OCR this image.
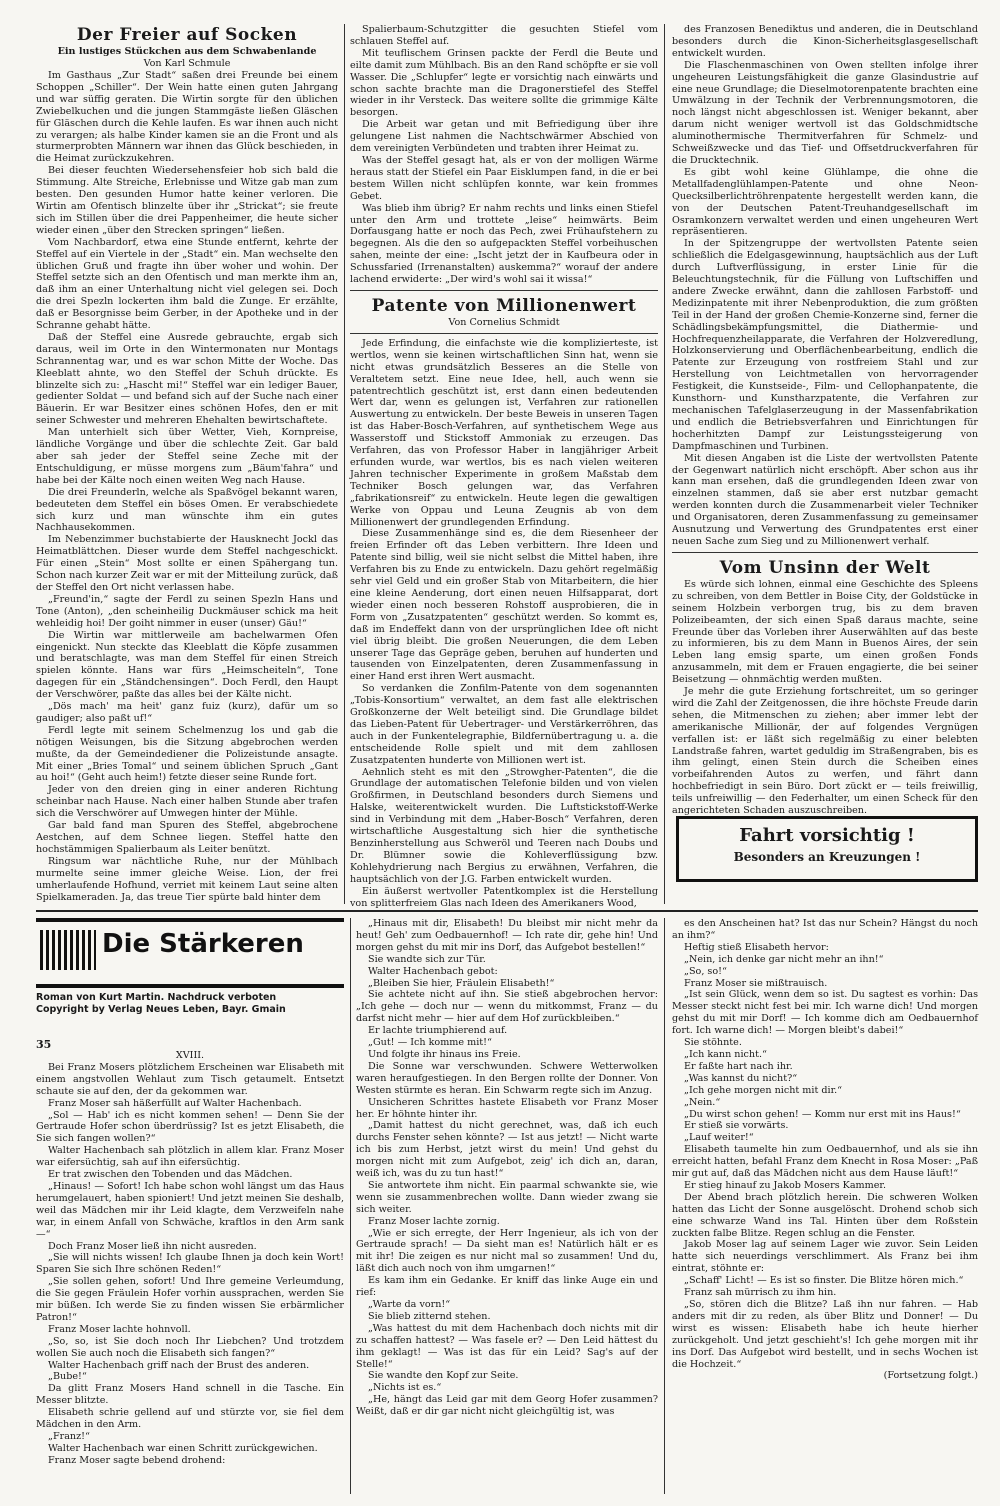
Der Freier auf Socken
Ein lustiges Stückchen aus dem Schwabenlande
Von Karl Schmule

Im Gasthaus „Zur Stadt“ saßen drei Freunde bei einem Schoppen „Schiller“. Der Wein hatte einen guten Jahrgang und war süffig geraten. Die Wirtin sorgte für den üblichen Zwiebelkuchen und die jungen Stammgäste ließen Gläschen für Gläschen durch die Kehle laufen. Es war ihnen auch nicht zu verargen; als halbe Kinder kamen sie an die Front und als sturmerprobten Männern war ihnen das Glück beschieden, in die Heimat zurückzukehren.

Bei dieser feuchten Wiedersehensfeier hob sich bald die Stimmung. Alte Streiche, Erlebnisse und Witze gab man zum besten. Den gesunden Humor hatte keiner verloren. Die Wirtin am Ofentisch blinzelte über ihr „Strickat“; sie freute sich im Stillen über die drei Pappenheimer, die heute sicher wieder einen „über den Strecken springen“ ließen.

Vom Nachbardorf, etwa eine Stunde entfernt, kehrte der Steffel auf ein Viertele in der „Stadt“ ein. Man wechselte den üblichen Gruß und fragte ihn über woher und wohin. Der Steffel setzte sich an den Ofentisch und man merkte ihm an, daß ihm an einer Unterhaltung nicht viel gelegen sei. Doch die drei Spezln lockerten ihm bald die Zunge. Er erzählte, daß er Besorgnisse beim Gerber, in der Apotheke und in der Schranne gehabt hätte.

Daß der Steffel eine Ausrede gebrauchte, ergab sich daraus, weil im Orte in den Wintermonaten nur Montags Schrannentag war, und es war schon Mitte der Woche. Das Kleeblatt ahnte, wo den Steffel der Schuh drückte. Es blinzelte sich zu: „Hascht mi!“ Steffel war ein lediger Bauer, gedienter Soldat — und befand sich auf der Suche nach einer Bäuerin. Er war Besitzer eines schönen Hofes, den er mit seiner Schwester und mehreren Ehehalten bewirtschaftete.

Man unterhielt sich über Wetter, Vieh, Kornpreise, ländliche Vorgänge und über die schlechte Zeit. Gar bald aber sah jeder der Steffel seine Zeche mit der Entschuldigung, er müsse morgens zum „Bäum'fahra“ und habe bei der Kälte noch einen weiten Weg nach Hause.

Die drei Freunderln, welche als Spaßvögel bekannt waren, bedeuteten dem Steffel ein böses Omen. Er verabschiedete sich kurz und man wünschte ihm ein gutes Nachhausekommen.

Im Nebenzimmer buchstabierte der Hausknecht Jockl das Heimatblättchen. Dieser wurde dem Steffel nachgeschickt. Für einen „Stein“ Most sollte er einen Spähergang tun. Schon nach kurzer Zeit war er mit der Mitteilung zurück, daß der Steffel den Ort nicht verlassen habe.

„Freund'in,“ sagte der Ferdl zu seinen Spezln Hans und Tone (Anton), „den scheinheilig Duckmäuser schick ma heit wehleidig hoi! Der goiht nimmer in euser (unser) Gäu!“

Die Wirtin war mittlerweile am bachelwarmen Ofen eingenickt. Nun steckte das Kleeblatt die Köpfe zusammen und beratschlagte, was man dem Steffel für einen Streich spielen könnte. Hans war fürs „Heimscheiteln“, Tone dagegen für ein „Ständchensingen“. Doch Ferdl, den Haupt der Verschwörer, paßte das alles bei der Kälte nicht.

„Dös mach' ma heit' ganz fuiz (kurz), dafür um so gaudiger; also paßt uf!“

Ferdl legte mit seinem Schelmenzug los und gab die nötigen Weisungen, bis die Sitzung abgebrochen werden mußte, da der Gemeindediener die Polizeistunde ansagte. Mit einer „Bries Tomal“ und seinem üblichen Spruch „Gant au hoi!“ (Geht auch heim!) fetzte dieser seine Runde fort.

Jeder von den dreien ging in einer anderen Richtung scheinbar nach Hause. Nach einer halben Stunde aber trafen sich die Verschwörer auf Umwegen hinter der Mühle.

Gar bald fand man Spuren des Steffel, abgebrochene Aestchen, auf dem Schnee liegen. Steffel hatte den hochstämmigen Spalierbaum als Leiter benützt.

Ringsum war nächtliche Ruhe, nur der Mühlbach murmelte seine immer gleiche Weise. Lion, der frei umherlaufende Hofhund, verriet mit keinem Laut seine alten Spielkameraden. Ja, das treue Tier spürte bald hinter dem

Spalierbaum-Schutzgitter die gesuchten Stiefel vom schlauen Steffel auf.

Mit teuflischem Grinsen packte der Ferdl die Beute und eilte damit zum Mühlbach. Bis an den Rand schöpfte er sie voll Wasser. Die „Schlupfer“ legte er vorsichtig nach einwärts und schon sachte brachte man die Dragonerstiefel des Steffel wieder in ihr Versteck. Das weitere sollte die grimmige Kälte besorgen.

Die Arbeit war getan und mit Befriedigung über ihre gelungene List nahmen die Nachtschwärmer Abschied von dem vereinigten Verbündeten und trabten ihrer Heimat zu.

Was der Steffel gesagt hat, als er von der molligen Wärme heraus statt der Stiefel ein Paar Eisklumpen fand, in die er bei bestem Willen nicht schlüpfen konnte, war kein frommes Gebet.

Was blieb ihm übrig? Er nahm rechts und links einen Stiefel unter den Arm und trottete „leise“ heimwärts. Beim Dorfausgang hatte er noch das Pech, zwei Frühaufstehern zu begegnen. Als die den so aufgepackten Steffel vorbeihuschen sahen, meinte der eine: „Ischt jetzt der in Kaufbeura oder in Schussfaried (Irrenanstalten) auskemma?“ worauf der andere lachend erwiderte: „Der wird's wohl sai it wissa!“

Patente von Millionenwert
Von Cornelius Schmidt

Jede Erfindung, die einfachste wie die komplizierteste, ist wertlos, wenn sie keinen wirtschaftlichen Sinn hat, wenn sie nicht etwas grundsätzlich Besseres an die Stelle von Veraltetem setzt. Eine neue Idee, hell, auch wenn sie patentrechtlich geschützt ist, erst dann einen bedeutenden Wert dar, wenn es gelungen ist, Verfahren zur rationellen Auswertung zu entwickeln. Der beste Beweis in unseren Tagen ist das Haber-Bosch-Verfahren, auf synthetischem Wege aus Wasserstoff und Stickstoff Ammoniak zu erzeugen. Das Verfahren, das von Professor Haber in langjähriger Arbeit erfunden wurde, war wertlos, bis es nach vielen weiteren Jahren technischer Experimente in großem Maßstab dem Techniker Bosch gelungen war, das Verfahren „fabrikationsreif“ zu entwickeln. Heute legen die gewaltigen Werke von Oppau und Leuna Zeugnis ab von dem Millionenwert der grundlegenden Erfindung.

Diese Zusammenhänge sind es, die dem Riesenheer der freien Erfinder oft das Leben verbittern. Ihre Ideen und Patente sind billig, weil sie nicht selbst die Mittel haben, ihre Verfahren bis zu Ende zu entwickeln. Dazu gehört regelmäßig sehr viel Geld und ein großer Stab von Mitarbeitern, die hier eine kleine Aenderung, dort einen neuen Hilfsapparat, dort wieder einen noch besseren Rohstoff ausprobieren, die in Form von „Zusatzpatenten“ geschützt werden. So kommt es, daß im Endeffekt dann von der ursprünglichen Idee oft nicht viel übrig bleibt. Die großen Neuerungen, die dem Leben unserer Tage das Gepräge geben, beruhen auf hunderten und tausenden von Einzelpatenten, deren Zusammenfassung in einer Hand erst ihren Wert ausmacht.

So verdanken die Zonfilm-Patente von dem sogenannten „Tobis-Konsortium“ verwaltet, an dem fast alle elektrischen Großkonzerne der Welt beteiligt sind. Die Grundlage bildet das Lieben-Patent für Uebertrager- und Verstärkerröhren, das auch in der Funkentelegraphie, Bildfernübertragung u. a. die entscheidende Rolle spielt und mit dem zahllosen Zusatzpatenten hunderte von Millionen wert ist.

Aehnlich steht es mit den „Strowgher-Patenten“, die die Grundlage der automatischen Telefonie bilden und von vielen Großfirmen, in Deutschland besonders durch Siemens und Halske, weiterentwickelt wurden. Die Luftstickstoff-Werke sind in Verbindung mit dem „Haber-Bosch“ Verfahren, deren wirtschaftliche Ausgestaltung sich hier die synthetische Benzinherstellung aus Schweröl und Teeren nach Doubs und Dr. Blümner sowie die Kohleverflüssigung bzw. Kohlehydrierung nach Bergius zu erwähnen, Verfahren, die hauptsächlich von der J.G. Farben entwickelt wurden.

Ein äußerst wertvoller Patentkomplex ist die Herstellung von splitterfreiem Glas nach Ideen des Amerikaners Wood,

des Franzosen Benediktus und anderen, die in Deutschland besonders durch die Kinon-Sicherheitsglasgesellschaft entwickelt wurden.

Die Flaschenmaschinen von Owen stellten infolge ihrer ungeheuren Leistungsfähigkeit die ganze Glasindustrie auf eine neue Grundlage; die Dieselmotorenpatente brachten eine Umwälzung in der Technik der Verbrennungsmotoren, die noch längst nicht abgeschlossen ist. Weniger bekannt, aber darum nicht weniger wertvoll ist das Goldschmidtsche aluminothermische Thermitverfahren für Schmelz- und Schweißzwecke und das Tief- und Offsetdruckverfahren für die Drucktechnik.

Es gibt wohl keine Glühlampe, die ohne die Metallfadenglühlampen-Patente und ohne Neon-Quecksilberlichtröhrenpatente hergestellt werden kann, die von der Deutschen Patent-Treuhandgesellschaft im Osramkonzern verwaltet werden und einen ungeheuren Wert repräsentieren.

In der Spitzengruppe der wertvollsten Patente seien schließlich die Edelgasgewinnung, hauptsächlich aus der Luft durch Luftverflüssigung, in erster Linie für die Beleuchtungstechnik, für die Füllung von Luftschiffen und andere Zwecke erwähnt, dann die zahllosen Farbstoff- und Medizinpatente mit ihrer Nebenproduktion, die zum größten Teil in der Hand der großen Chemie-Konzerne sind, ferner die Schädlingsbekämpfungsmittel, die Diathermie- und Hochfrequenzheilapparate, die Verfahren der Holzveredlung, Holzkonservierung und Oberflächenbearbeitung, endlich die Patente zur Erzeugung von rostfreiem Stahl und zur Herstellung von Leichtmetallen von hervorragender Festigkeit, die Kunstseide-, Film- und Cellophanpatente, die Kunsthorn- und Kunstharzpatente, die Verfahren zur mechanischen Tafelglaserzeugung in der Massenfabrikation und endlich die Betriebsverfahren und Einrichtungen für hocherhitzten Dampf zur Leistungssteigerung von Dampfmaschinen und Turbinen.

Mit diesen Angaben ist die Liste der wertvollsten Patente der Gegenwart natürlich nicht erschöpft. Aber schon aus ihr kann man ersehen, daß die grundlegenden Ideen zwar von einzelnen stammen, daß sie aber erst nutzbar gemacht werden konnten durch die Zusammenarbeit vieler Techniker und Organisatoren, deren Zusammenfassung zu gemeinsamer Ausnutzung und Verwertung des Grundpatentes erst einer neuen Sache zum Sieg und zu Millionenwert verhalf.

Vom Unsinn der Welt

Es würde sich lohnen, einmal eine Geschichte des Spleens zu schreiben, von dem Bettler in Boise City, der Goldstücke in seinem Holzbein verborgen trug, bis zu dem braven Polizeibeamten, der sich einen Spaß daraus machte, seine Freunde über das Vorleben ihrer Auserwählten auf das beste zu informieren, bis zu dem Mann in Buenos Aires, der sein Leben lang emsig sparte, um einen großen Fonds anzusammeln, mit dem er Frauen engagierte, die bei seiner Beisetzung — ohnmächtig werden mußten.

Je mehr die gute Erziehung fortschreitet, um so geringer wird die Zahl der Zeitgenossen, die ihre höchste Freude darin sehen, die Mitmenschen zu ziehen; aber immer lebt der amerikanische Millionär, der auf folgendes Vergnügen verfallen ist: er läßt sich regelmäßig zu einer belebten Landstraße fahren, wartet geduldig im Straßengraben, bis es ihm gelingt, einen Stein durch die Scheiben eines vorbeifahrenden Autos zu werfen, und fährt dann hochbefriedigt in sein Büro. Dort zückt er — teils freiwillig, teils unfreiwillig — den Federhalter, um einen Scheck für den angerichteten Schaden auszuschreiben.

Fahrt vorsichtig !
Besonders an Kreuzungen !
Die Stärkeren
Roman von Kurt Martin. Nachdruck verboten
Copyright by Verlag Neues Leben, Bayr. Gmain
35

XVIII.

Bei Franz Mosers plötzlichem Erscheinen war Elisabeth mit einem angstvollen Wehlaut zum Tisch getaumelt. Entsetzt schaute sie auf den, der da gekommen war.

Franz Moser sah häßerfüllt auf Walter Hachenbach.

„Sol — Hab' ich es nicht kommen sehen! — Denn Sie der Gertraude Hofer schon überdrüssig? Ist es jetzt Elisabeth, die Sie sich fangen wollen?“

Walter Hachenbach sah plötzlich in allem klar. Franz Moser war eifersüchtig, sah auf ihn eifersüchtig.

Er trat zwischen den Tobenden und das Mädchen.

„Hinaus! — Sofort! Ich habe schon wohl längst um das Haus herumgelauert, haben spioniert! Und jetzt meinen Sie deshalb, weil das Mädchen mir ihr Leid klagte, dem Verzweifeln nahe war, in einem Anfall von Schwäche, kraftlos in den Arm sank —“

Doch Franz Moser ließ ihn nicht ausreden.

„Sie will nichts wissen! Ich glaube Ihnen ja doch kein Wort! Sparen Sie sich Ihre schönen Reden!“

„Sie sollen gehen, sofort! Und Ihre gemeine Verleumdung, die Sie gegen Fräulein Hofer vorhin aussprachen, werden Sie mir büßen. Ich werde Sie zu finden wissen Sie erbärmlicher Patron!“

Franz Moser lachte hohnvoll.

„So, so, ist Sie doch noch Ihr Liebchen? Und trotzdem wollen Sie auch noch die Elisabeth sich fangen?“

Walter Hachenbach griff nach der Brust des anderen.

„Bube!“

Da glitt Franz Mosers Hand schnell in die Tasche. Ein Messer blitzte.

Elisabeth schrie gellend auf und stürzte vor, sie fiel dem Mädchen in den Arm.

„Franz!“

Walter Hachenbach war einen Schritt zurückgewichen.

Franz Moser sagte bebend drohend:

„Hinaus mit dir, Elisabeth! Du bleibst mir nicht mehr da heut! Geh' zum Oedbauernhof! — Ich rate dir, gehe hin! Und morgen gehst du mit mir ins Dorf, das Aufgebot bestellen!“

Sie wandte sich zur Tür.

Walter Hachenbach gebot:

„Bleiben Sie hier, Fräulein Elisabeth!“

Sie achtete nicht auf ihn. Sie stieß abgebrochen hervor: „Ich gehe — doch nur — wenn du mitkommst, Franz — du darfst nicht mehr — hier auf dem Hof zurückbleiben.“

Er lachte triumphierend auf.

„Gut! — Ich komme mit!“

Und folgte ihr hinaus ins Freie.

Die Sonne war verschwunden. Schwere Wetterwolken waren heraufgestiegen. In den Bergen rollte der Donner. Von Westen stürmte es heran. Ein Schwarm regte sich im Anzug.

Unsicheren Schrittes hastete Elisabeth vor Franz Moser her. Er höhnte hinter ihr.

„Damit hattest du nicht gerechnet, was, daß ich euch durchs Fenster sehen könnte? — Ist aus jetzt! — Nicht warte ich bis zum Herbst, jetzt wirst du mein! Und gehst du morgen nicht mit zum Aufgebot, zeig' ich dich an, daran, weiß ich, was du zu tun hast!“

Sie antwortete ihm nicht. Ein paarmal schwankte sie, wie wenn sie zusammenbrechen wollte. Dann wieder zwang sie sich weiter.

Franz Moser lachte zornig.

„Wie er sich erregte, der Herr Ingenieur, als ich von der Gertraude sprach! — Da sieht man es! Natürlich hält er es mit ihr! Die zeigen es nur nicht mal so zusammen! Und du, läßt dich auch noch von ihm umgarnen!“

Es kam ihm ein Gedanke. Er kniff das linke Auge ein und rief:

„Warte da vorn!“

Sie blieb zitternd stehen.

„Was hattest du mit dem Hachenbach doch nichts mit dir zu schaffen hattest? — Was fasele er? — Den Leid hättest du ihm geklagt! — Was ist das für ein Leid? Sag's auf der Stelle!“

Sie wandte den Kopf zur Seite.

„Nichts ist es.“

„He, hängt das Leid gar mit dem Georg Hofer zusammen? Weißt, daß er dir gar nicht nicht gleichgültig ist, was

es den Anscheinen hat? Ist das nur Schein? Hängst du noch an ihm?“

Heftig stieß Elisabeth hervor:

„Nein, ich denke gar nicht mehr an ihn!“

„So, so!“

Franz Moser sie mißtrauisch.

„Ist sein Glück, wenn dem so ist. Du sagtest es vorhin: Das Messer steckt nicht fest bei mir. Ich warne dich! Und morgen gehst du mit mir Dorf! — Ich komme dich am Oedbauernhof fort. Ich warne dich! — Morgen bleibt's dabei!“

Sie stöhnte.

„Ich kann nicht.“

Er faßte hart nach ihr.

„Was kannst du nicht?“

„Ich gehe morgen nicht mit dir.“

„Nein.“

„Du wirst schon gehen! — Komm nur erst mit ins Haus!“

Er stieß sie vorwärts.

„Lauf weiter!“

Elisabeth taumelte hin zum Oedbauernhof, und als sie ihn erreicht hatten, befahl Franz dem Knecht in Rosa Moser: „Paß mir gut auf, daß das Mädchen nicht aus dem Hause läuft!“

Er stieg hinauf zu Jakob Mosers Kammer.

Der Abend brach plötzlich herein. Die schweren Wolken hatten das Licht der Sonne ausgelöscht. Drohend schob sich eine schwarze Wand ins Tal. Hinten über dem Roßstein zuckten falbe Blitze. Regen schlug an die Fenster.

Jakob Moser lag auf seinem Lager wie zuvor. Sein Leiden hatte sich neuerdings verschlimmert. Als Franz bei ihm eintrat, stöhnte er:

„Schaff' Licht! — Es ist so finster. Die Blitze hören mich.“

Franz sah mürrisch zu ihm hin.

„So, stören dich die Blitze? Laß ihn nur fahren. — Hab anders mit dir zu reden, als über Blitz und Donner! — Du wirst es wissen: Elisabeth habe ich heute hierher zurückgeholt. Und jetzt geschieht's! Ich gehe morgen mit ihr ins Dorf. Das Aufgebot wird bestellt, und in sechs Wochen ist die Hochzeit.“

(Fortsetzung folgt.)
